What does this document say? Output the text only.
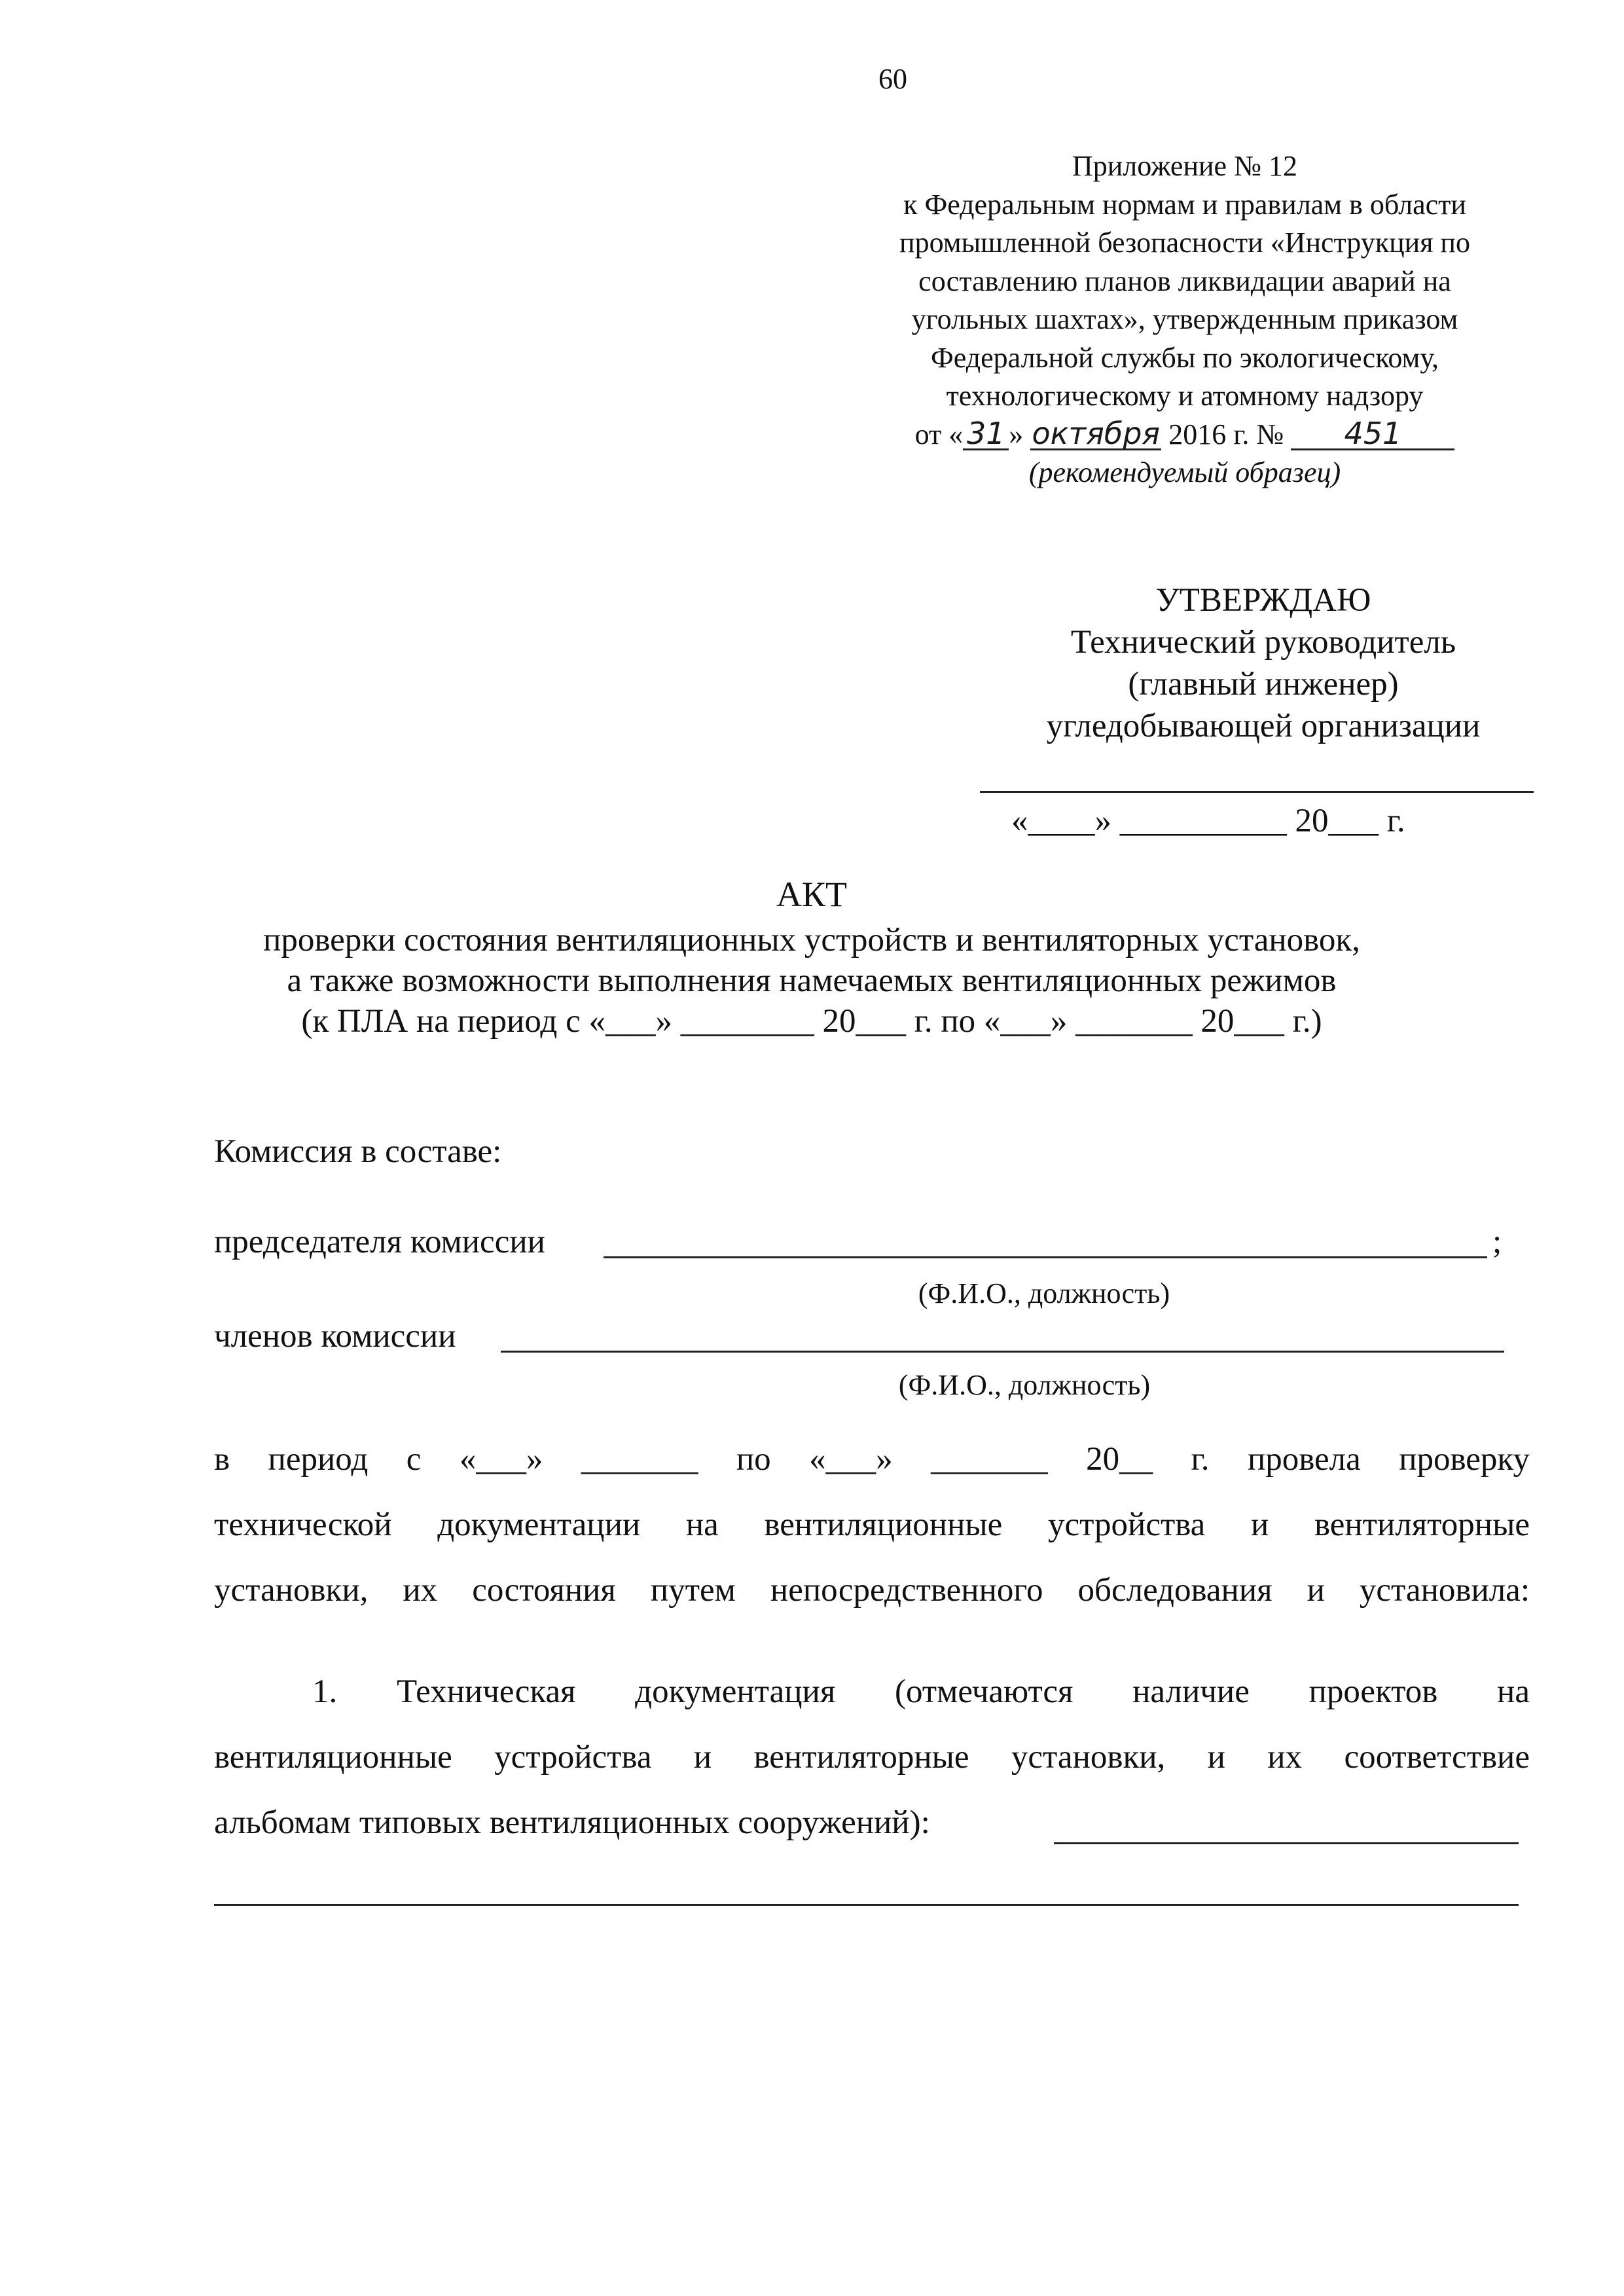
60
Приложение № 12
к Федеральным нормам и правилам в области
промышленной безопасности «Инструкция по
составлению планов ликвидации аварий на
угольных шахтах», утвержденным приказом
Федеральной службы по экологическому,
технологическому и атомному надзору
от « 31 » октября 2016 г. № 451
(рекомендуемый образец)
УТВЕРЖДАЮ
Технический руководитель
(главный инженер)
угледобывающей организации
«____» __________ 20___ г.
АКТ
проверки состояния вентиляционных устройств и вентиляторных установок,
а также возможности выполнения намечаемых вентиляционных режимов
(к ПЛА на период с «___» ________ 20___ г. по «___» _______ 20___ г.)
Комиссия в составе:
председателя комиссии	;
(Ф.И.О., должность)
членов комиссии
(Ф.И.О., должность)
в период с «___» _______ по «___» _______ 20__ г. провела проверку
технической документации на вентиляционные устройства и вентиляторные
установки, их состояния путем непосредственного обследования и установила:
1. Техническая документация (отмечаются наличие проектов на
вентиляционные устройства и вентиляторные установки, и их соответствие
альбомам типовых вентиляционных сооружений):
